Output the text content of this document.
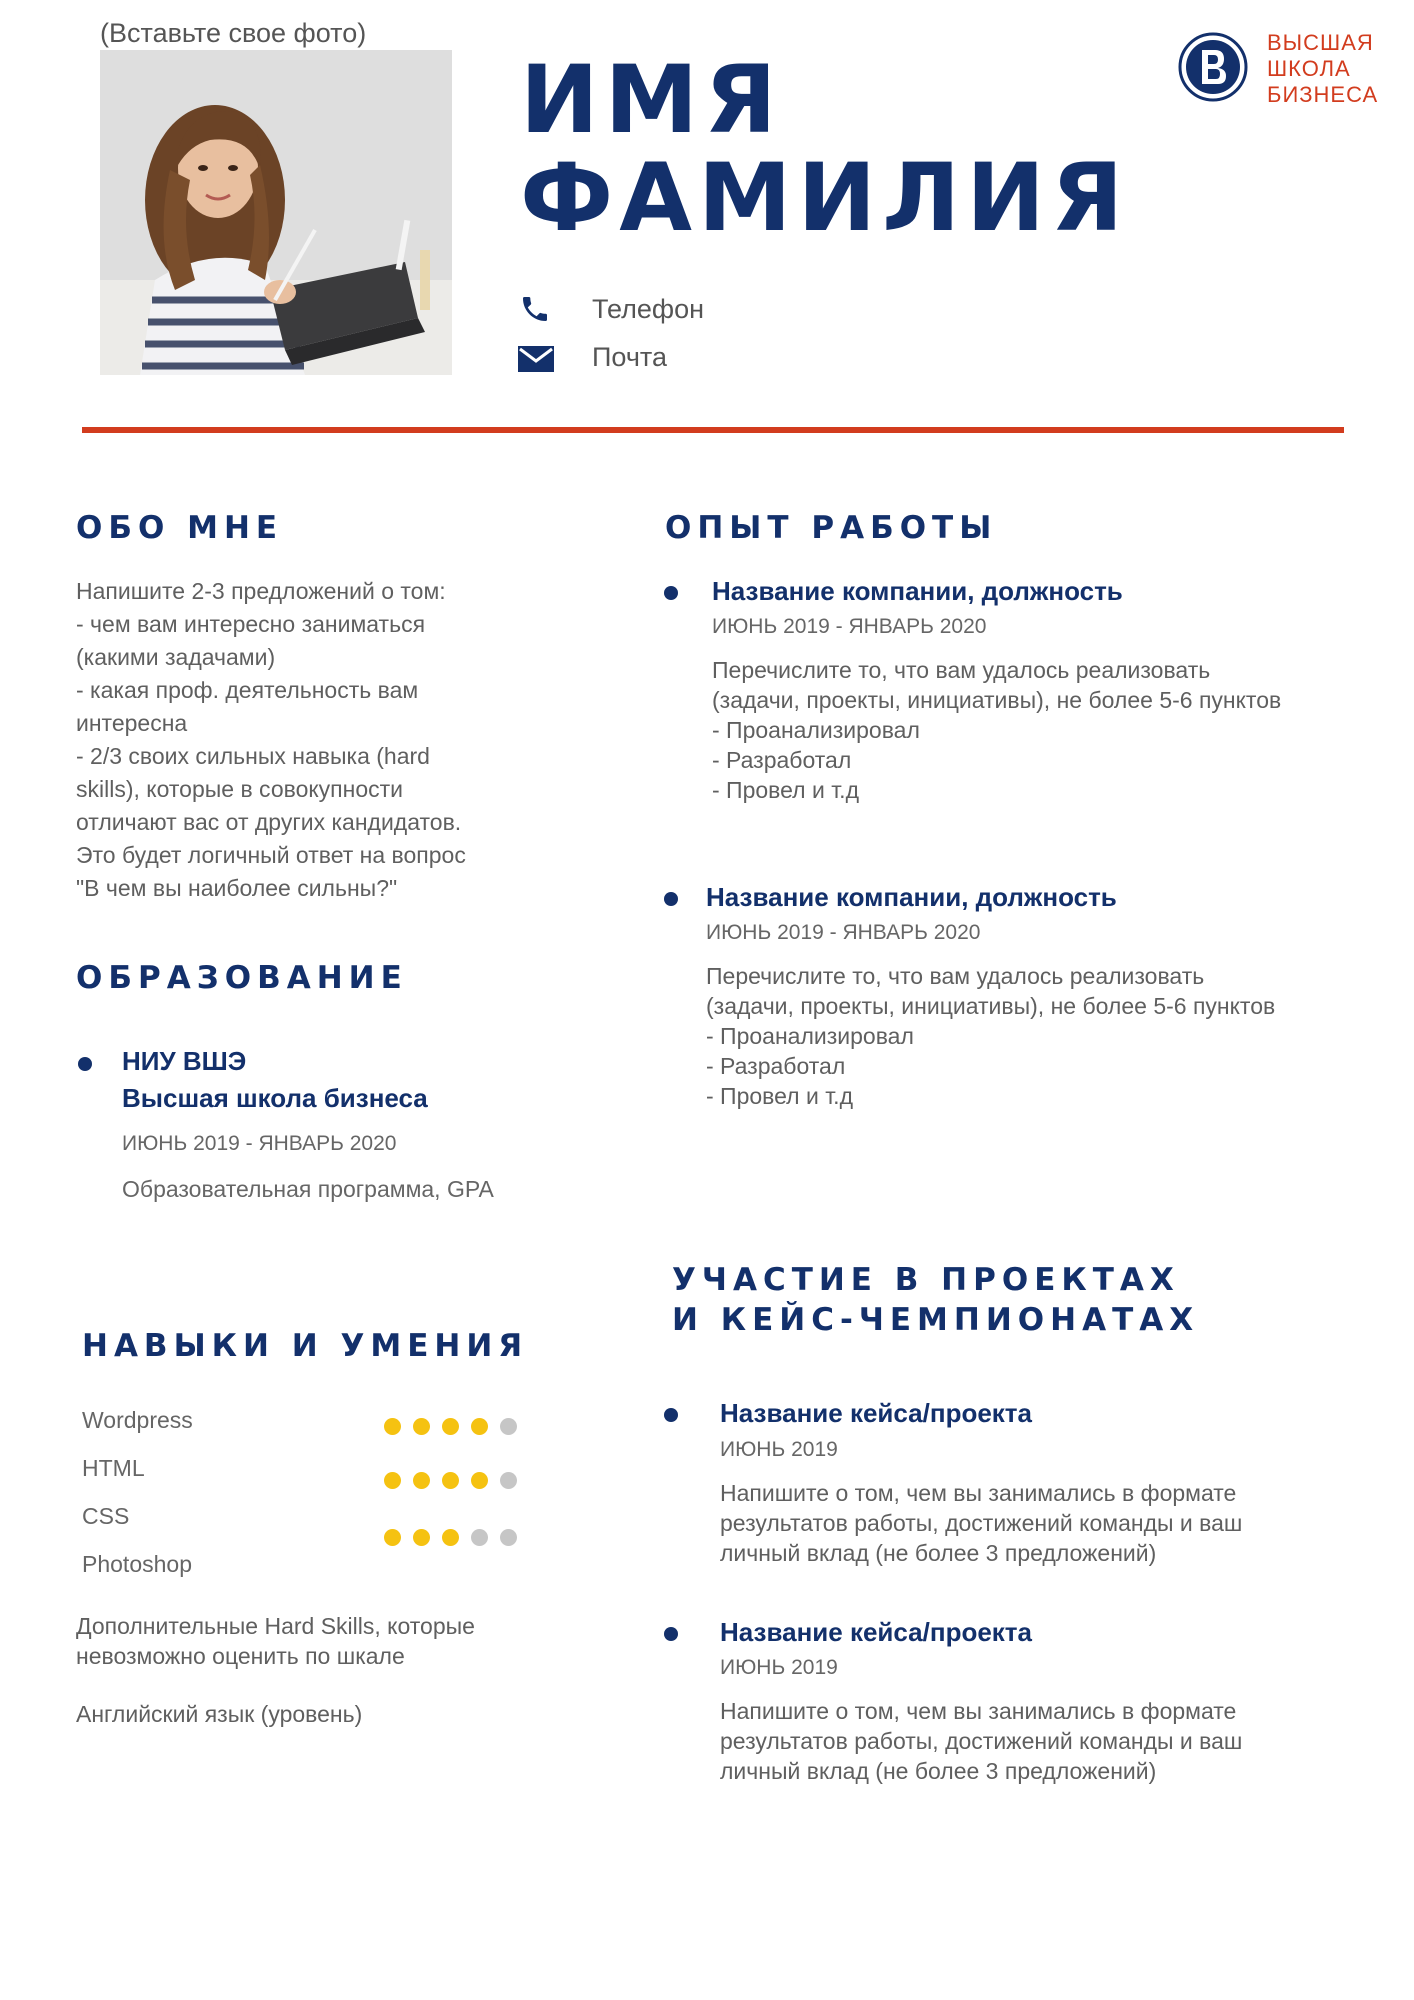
(Вставьте свое фото)
ИМЯ
ФАМИЛИЯ
Телефон
Почта
ВЫСШАЯ
ШКОЛА
БИЗНЕСА
ОБО МНЕ
Напишите 2-3 предложений о том:
- чем вам интересно заниматься
(какими задачами)
- какая проф. деятельность вам
интересна
- 2/3 своих сильных навыка (hard
skills), которые в совокупности
отличают вас от других кандидатов.
Это будет логичный ответ на вопрос
"В чем вы наиболее сильны?"
ОБРАЗОВАНИЕ
НИУ ВШЭ
Высшая школа бизнеса
ИЮНЬ 2019 - ЯНВАРЬ 2020
Образовательная программа, GPA
НАВЫКИ И УМЕНИЯ
Wordpress
HTML
CSS
Photoshop
Дополнительные Hard Skills, которые
невозможно оценить по шкале
Английский язык (уровень)
ОПЫТ РАБОТЫ
Название компании, должность
ИЮНЬ 2019 - ЯНВАРЬ 2020
Перечислите то, что вам удалось реализовать
(задачи, проекты, инициативы), не более 5-6 пунктов
- Проанализировал
- Разработал
- Провел и т.д
Название компании, должность
ИЮНЬ 2019 - ЯНВАРЬ 2020
Перечислите то, что вам удалось реализовать
(задачи, проекты, инициативы), не более 5-6 пунктов
- Проанализировал
- Разработал
- Провел и т.д
УЧАСТИЕ В ПРОЕКТАХ
И КЕЙС-ЧЕМПИОНАТАХ
Название кейса/проекта
ИЮНЬ 2019
Напишите о том, чем вы занимались в формате
результатов работы, достижений команды и ваш
личный вклад (не более 3 предложений)
Название кейса/проекта
ИЮНЬ 2019
Напишите о том, чем вы занимались в формате
результатов работы, достижений команды и ваш
личный вклад (не более 3 предложений)
